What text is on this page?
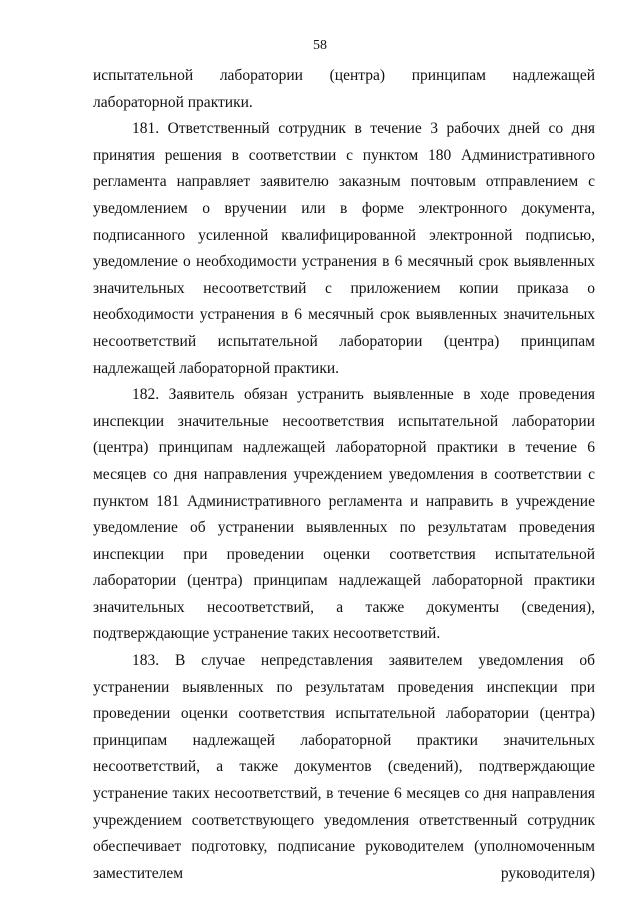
58

испытательной лаборатории (центра) принципам надлежащей лабораторной практики.

181. Ответственный сотрудник в течение 3 рабочих дней со дня принятия решения в соответствии с пунктом 180 Административного регламента направляет заявителю заказным почтовым отправлением с уведомлением о вручении или в форме электронного документа, подписанного усиленной квалифицированной электронной подписью, уведомление о необходимости устранения в 6 месячный срок выявленных значительных несоответствий с приложением копии приказа о необходимости устранения в 6 месячный срок выявленных значительных несоответствий испытательной лаборатории (центра) принципам надлежащей лабораторной практики.

182. Заявитель обязан устранить выявленные в ходе проведения инспекции значительные несоответствия испытательной лаборатории (центра) принципам надлежащей лабораторной практики в течение 6 месяцев со дня направления учреждением уведомления в соответствии с пунктом 181 Административного регламента и направить в учреждение уведомление об устранении выявленных по результатам проведения инспекции при проведении оценки соответствия испытательной лаборатории (центра) принципам надлежащей лабораторной практики значительных несоответствий, а также документы (сведения), подтверждающие устранение таких несоответствий.

183. В случае непредставления заявителем уведомления об устранении выявленных по результатам проведения инспекции при проведении оценки соответствия испытательной лаборатории (центра) принципам надлежащей лабораторной практики значительных несоответствий, а также документов (сведений), подтверждающие устранение таких несоответствий, в течение 6 месяцев со дня направления учреждением соответствующего уведомления ответственный сотрудник обеспечивает подготовку, подписание руководителем (уполномоченным заместителем руководителя)
